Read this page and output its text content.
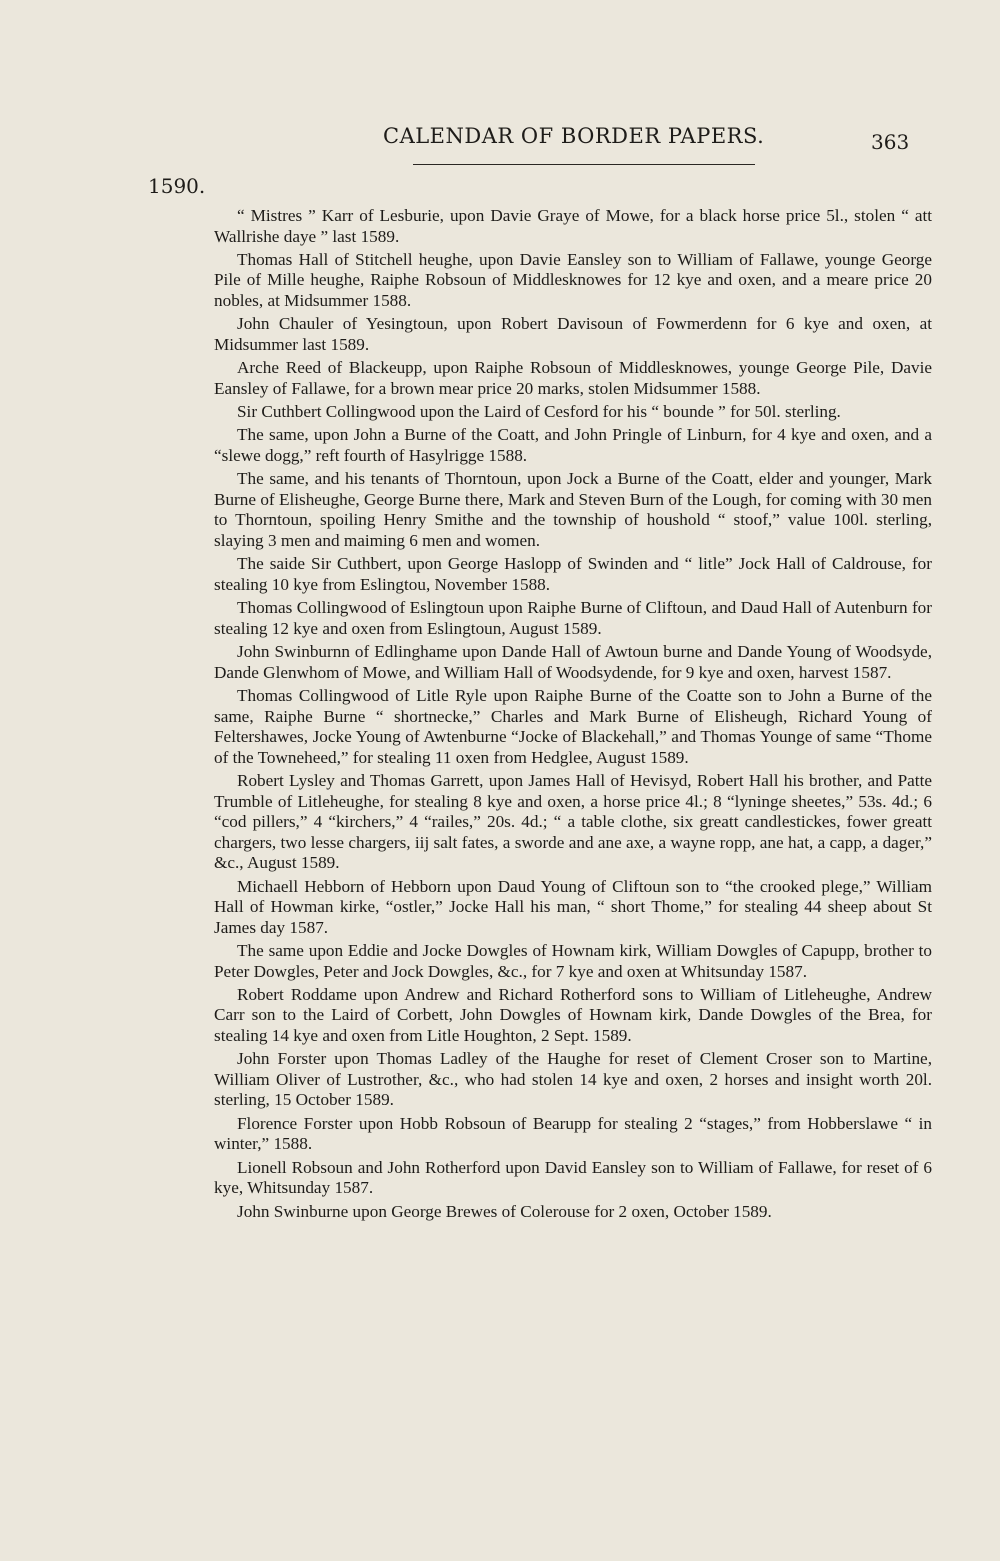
CALENDAR OF BORDER PAPERS.	363
1590.

“ Mistres ” Karr of Lesburie, upon Davie Graye of Mowe, for a black horse price 5l., stolen “ att Wallrishe daye ” last 1589.

Thomas Hall of Stitchell heughe, upon Davie Eansley son to William of Fallawe, younge George Pile of Mille heughe, Raiphe Robsoun of Middlesknowes for 12 kye and oxen, and a meare price 20 nobles, at Midsummer 1588.

John Chauler of Yesingtoun, upon Robert Davisoun of Fowmerdenn for 6 kye and oxen, at Midsummer last 1589.

Arche Reed of Blackeupp, upon Raiphe Robsoun of Middlesknowes, younge George Pile, Davie Eansley of Fallawe, for a brown mear price 20 marks, stolen Midsummer 1588.

Sir Cuthbert Collingwood upon the Laird of Cesford for his “ bounde ” for 50l. sterling.

The same, upon John a Burne of the Coatt, and John Pringle of Linburn, for 4 kye and oxen, and a “slewe dogg,” reft fourth of Hasylrigge 1588.

The same, and his tenants of Thorntoun, upon Jock a Burne of the Coatt, elder and younger, Mark Burne of Elisheughe, George Burne there, Mark and Steven Burn of the Lough, for coming with 30 men to Thorntoun, spoiling Henry Smithe and the township of houshold “ stoof,” value 100l. sterling, slaying 3 men and maiming 6 men and women.

The saide Sir Cuthbert, upon George Haslopp of Swinden and “ litle” Jock Hall of Caldrouse, for stealing 10 kye from Eslingtou, November 1588.

Thomas Collingwood of Eslingtoun upon Raiphe Burne of Cliftoun, and Daud Hall of Autenburn for stealing 12 kye and oxen from Eslingtoun, August 1589.

John Swinburnn of Edlinghame upon Dande Hall of Awtoun burne and Dande Young of Woodsyde, Dande Glenwhom of Mowe, and William Hall of Woodsydende, for 9 kye and oxen, harvest 1587.

Thomas Collingwood of Litle Ryle upon Raiphe Burne of the Coatte son to John a Burne of the same, Raiphe Burne “ shortnecke,” Charles and Mark Burne of Elisheugh, Richard Young of Feltershawes, Jocke Young of Awtenburne “Jocke of Blackehall,” and Thomas Younge of same “Thome of the Towneheed,” for stealing 11 oxen from Hedglee, August 1589.

Robert Lysley and Thomas Garrett, upon James Hall of Hevisyd, Robert Hall his brother, and Patte Trumble of Litleheughe, for stealing 8 kye and oxen, a horse price 4l.; 8 “lyninge sheetes,” 53s. 4d.; 6 “cod pillers,” 4 “kirchers,” 4 “railes,” 20s. 4d.; “ a table clothe, six greatt candlestickes, fower greatt chargers, two lesse chargers, iij salt fates, a sworde and ane axe, a wayne ropp, ane hat, a capp, a dager,” &c., August 1589.

Michaell Hebborn of Hebborn upon Daud Young of Cliftoun son to “the crooked plege,” William Hall of Howman kirke, “ostler,” Jocke Hall his man, “ short Thome,” for stealing 44 sheep about St James day 1587.

The same upon Eddie and Jocke Dowgles of Hownam kirk, William Dowgles of Capupp, brother to Peter Dowgles, Peter and Jock Dowgles, &c., for 7 kye and oxen at Whitsunday 1587.

Robert Roddame upon Andrew and Richard Rotherford sons to William of Litleheughe, Andrew Carr son to the Laird of Corbett, John Dowgles of Hownam kirk, Dande Dowgles of the Brea, for stealing 14 kye and oxen from Litle Houghton, 2 Sept. 1589.

John Forster upon Thomas Ladley of the Haughe for reset of Clement Croser son to Martine, William Oliver of Lustrother, &c., who had stolen 14 kye and oxen, 2 horses and insight worth 20l. sterling, 15 October 1589.

Florence Forster upon Hobb Robsoun of Bearupp for stealing 2 “stages,” from Hobberslawe “ in winter,” 1588.

Lionell Robsoun and John Rotherford upon David Eansley son to William of Fallawe, for reset of 6 kye, Whitsunday 1587.

John Swinburne upon George Brewes of Colerouse for 2 oxen, October 1589.
